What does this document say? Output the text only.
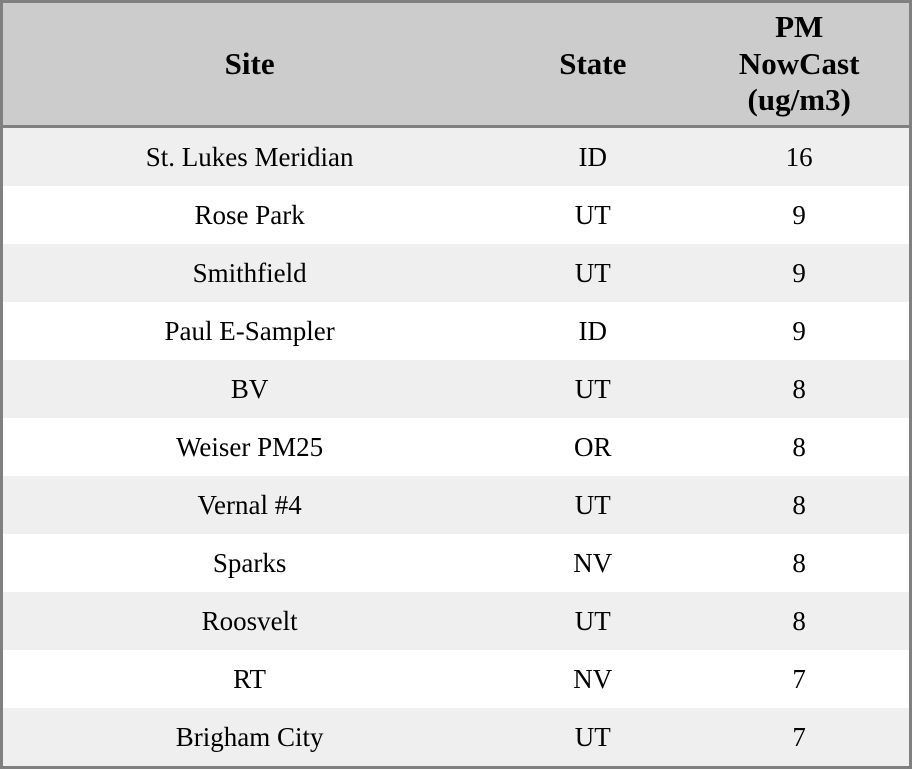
Site	State	PM
NowCast
(ug/m3)

St. Lukes Meridian	ID	16
Rose Park	UT	9
Smithfield	UT	9
Paul E-Sampler	ID	9
BV	UT	8
Weiser PM25	OR	8
Vernal #4	UT	8
Sparks	NV	8
Roosvelt	UT	8
RT	NV	7
Brigham City	UT	7
